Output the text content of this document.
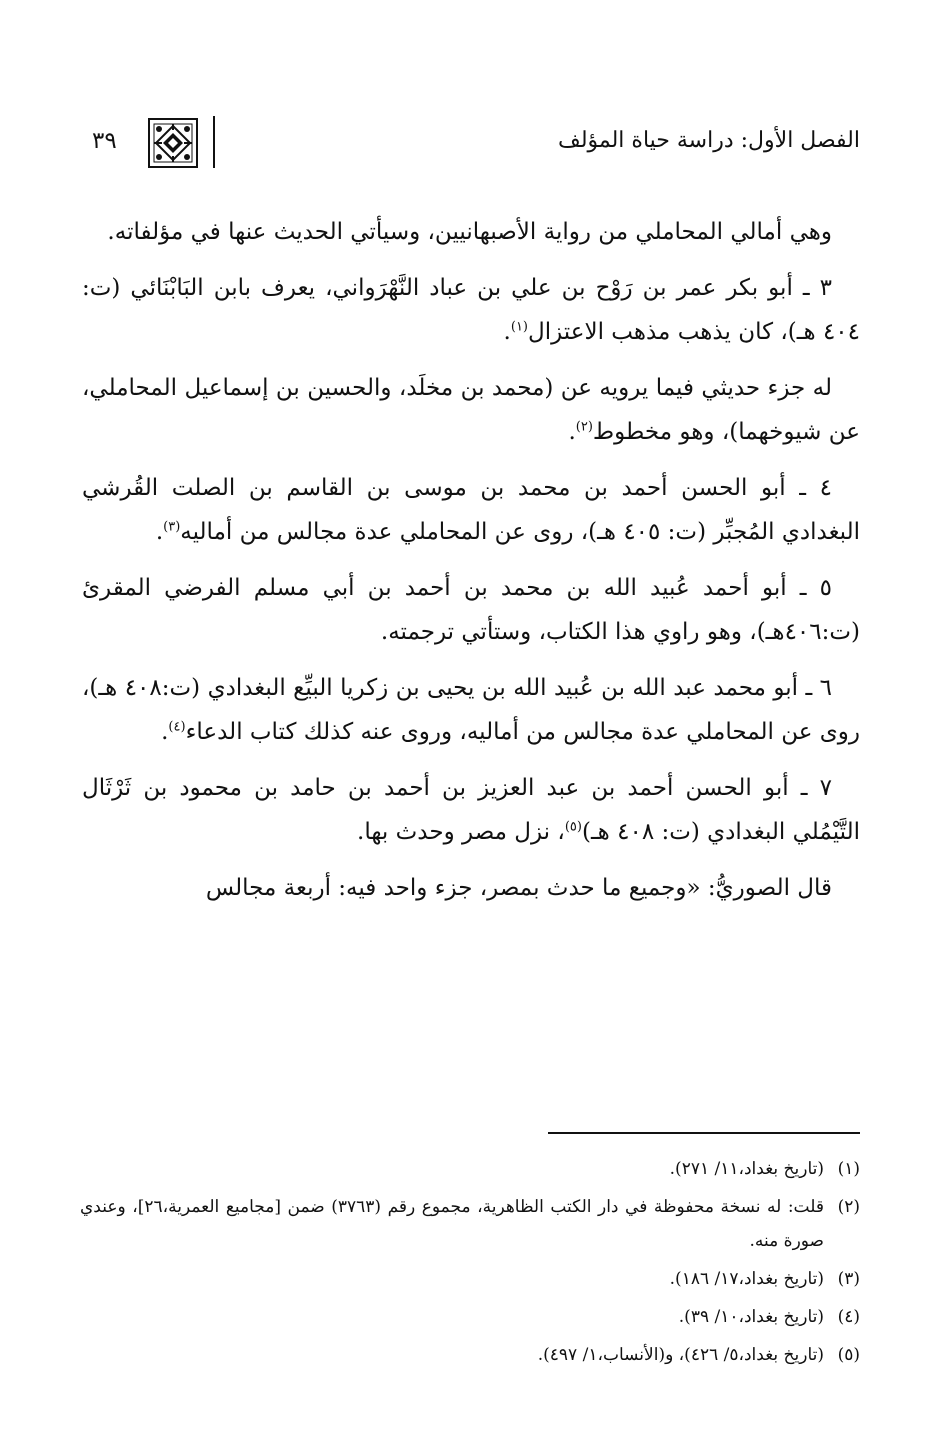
الفصل الأول: دراسة حياة المؤلف
٣٩

وهي أمالي المحاملي من رواية الأصبهانيين، وسيأتي الحديث عنها في مؤلفاته.

٣ ـ أبو بكر عمر بن رَوْح بن علي بن عباد النَّهْرَواني، يعرف بابن البَابْنَائي (ت: ٤٠٤ هـ)، كان يذهب مذهب الاعتزال$^{(١)}$.

له جزء حديثي فيما يرويه عن (محمد بن مخلَد، والحسين بن إسماعيل المحاملي، عن شيوخهما)، وهو مخطوط$^{(٢)}$.

٤ ـ أبو الحسن أحمد بن محمد بن موسى بن القاسم بن الصلت القُرشي البغدادي المُجبِّر (ت: ٤٠٥ هـ)، روى عن المحاملي عدة مجالس من أماليه$^{(٣)}$.

٥ ـ أبو أحمد عُبيد الله بن محمد بن أحمد بن أبي مسلم الفرضي المقرئ (ت:٤٠٦هـ)، وهو راوي هذا الكتاب، وستأتي ترجمته.

٦ ـ أبو محمد عبد الله بن عُبيد الله بن يحيى بن زكريا البيِّع البغدادي (ت:٤٠٨ هـ)، روى عن المحاملي عدة مجالس من أماليه، وروى عنه كذلك كتاب الدعاء$^{(٤)}$.

٧ ـ أبو الحسن أحمد بن عبد العزيز بن أحمد بن حامد بن محمود بن ثَرْثَال التَّيْمُلي البغدادي (ت: ٤٠٨ هـ)$^{(٥)}$، نزل مصر وحدث بها.

قال الصوريُّ: «وجميع ما حدث بمصر، جزء واحد فيه: أربعة مجالس

(١)
(تاريخ بغداد،١١/ ٢٧١).
(٢)
قلت: له نسخة محفوظة في دار الكتب الظاهرية، مجموع رقم (٣٧٦٣) ضمن [مجاميع العمرية،٢٦]، وعندي صورة منه.
(٣)
(تاريخ بغداد،١٧/ ١٨٦).
(٤)
(تاريخ بغداد،١٠/ ٣٩).
(٥)
(تاريخ بغداد،٥/ ٤٢٦)، و(الأنساب،١/ ٤٩٧).
